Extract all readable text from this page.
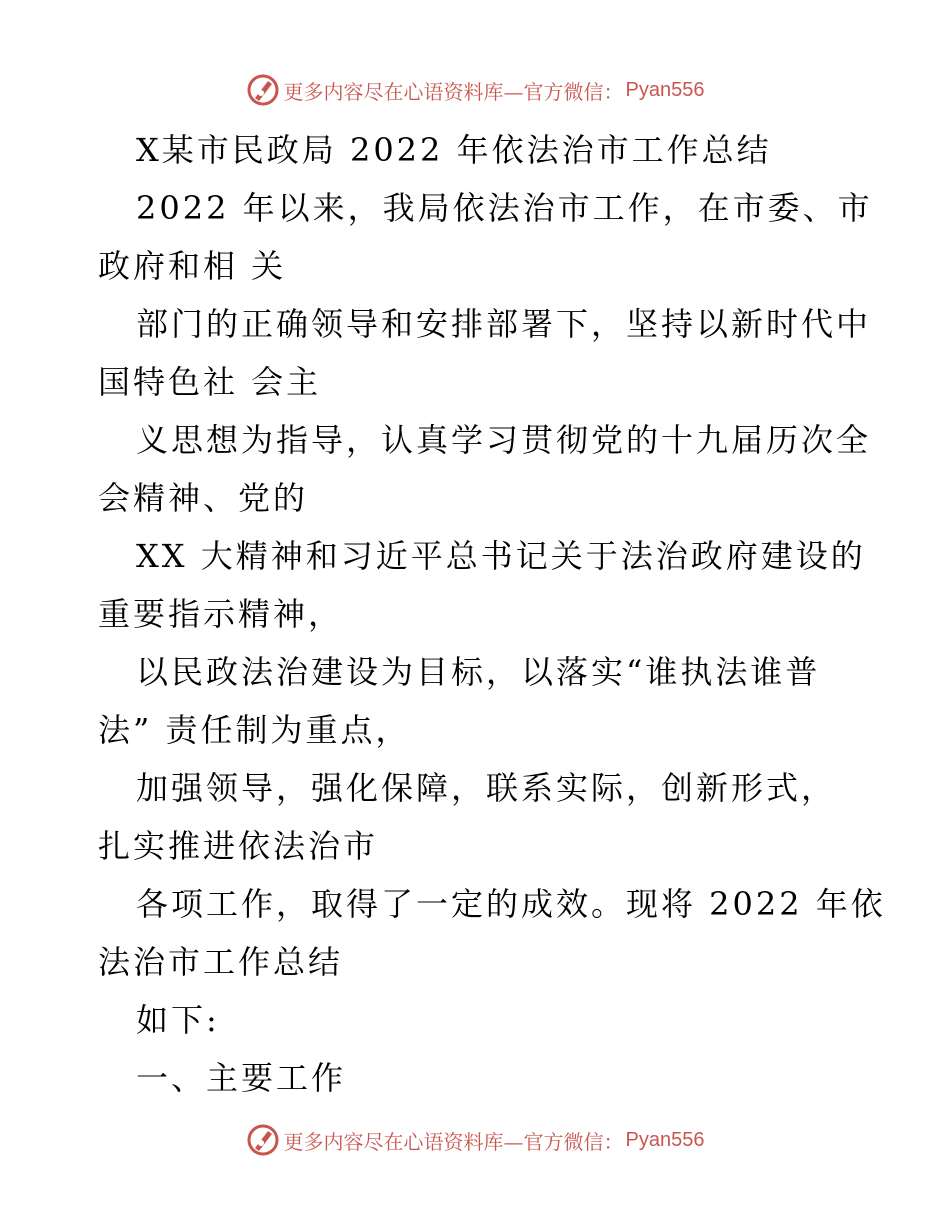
更多内容尽在心语资料库—官方微信： Pyan556
X某市民政局 2022 年依法治市工作总结
2022 年以来，我局依法治市工作，在市委、市
政府和相 关
部门的正确领导和安排部署下，坚持以新时代中
国特色社 会主
义思想为指导，认真学习贯彻党的十九届历次全
会精神、党的
XX 大精神和习近平总书记关于法治政府建设的
重要指示精神，
以民政法治建设为目标，以落实“谁执法谁普
法” 责任制为重点，
加强领导，强化保障，联系实际，创新形式，
扎实推进依法治市
各项工作，取得了一定的成效。现将 2022 年依
法治市工作总结
如下:
一、主要工作
更多内容尽在心语资料库—官方微信： Pyan556
